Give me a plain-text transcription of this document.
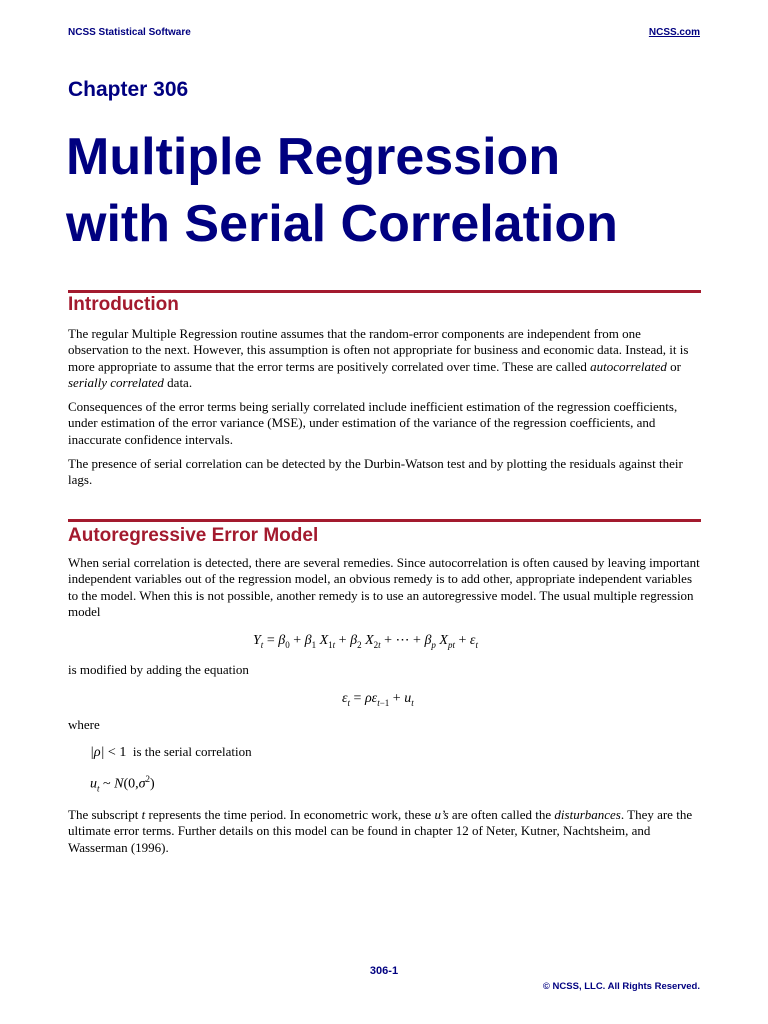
NCSS Statistical Software	NCSS.com
Chapter 306
Multiple Regression
with Serial Correlation
Introduction
The regular Multiple Regression routine assumes that the random-error components are independent from one observation to the next. However, this assumption is often not appropriate for business and economic data. Instead, it is more appropriate to assume that the error terms are positively correlated over time. These are called autocorrelated or serially correlated data.
Consequences of the error terms being serially correlated include inefficient estimation of the regression coefficients, under estimation of the error variance (MSE), under estimation of the variance of the regression coefficients, and inaccurate confidence intervals.
The presence of serial correlation can be detected by the Durbin-Watson test and by plotting the residuals against their lags.
Autoregressive Error Model
When serial correlation is detected, there are several remedies. Since autocorrelation is often caused by leaving important independent variables out of the regression model, an obvious remedy is to add other, appropriate independent variables to the model. When this is not possible, another remedy is to use an autoregressive model. The usual multiple regression model
$Y_t = \beta_0 + \beta_1$ $X_{1t} + \beta_2$ $X_{2t}$ + ⋯ + $\beta_p$ $X_{pt} + \varepsilon_t$
is modified by adding the equation
$\varepsilon_t = \rho\varepsilon_{t-1} + u_t$
where
|ρ| < 1 is the serial correlation
$u_t$ ~ $N(0,\sigma^2)$
The subscript t represents the time period. In econometric work, these u’s are often called the disturbances. They are the ultimate error terms. Further details on this model can be found in chapter 12 of Neter, Kutner, Nachtsheim, and Wasserman (1996).
306-1
© NCSS, LLC. All Rights Reserved.
